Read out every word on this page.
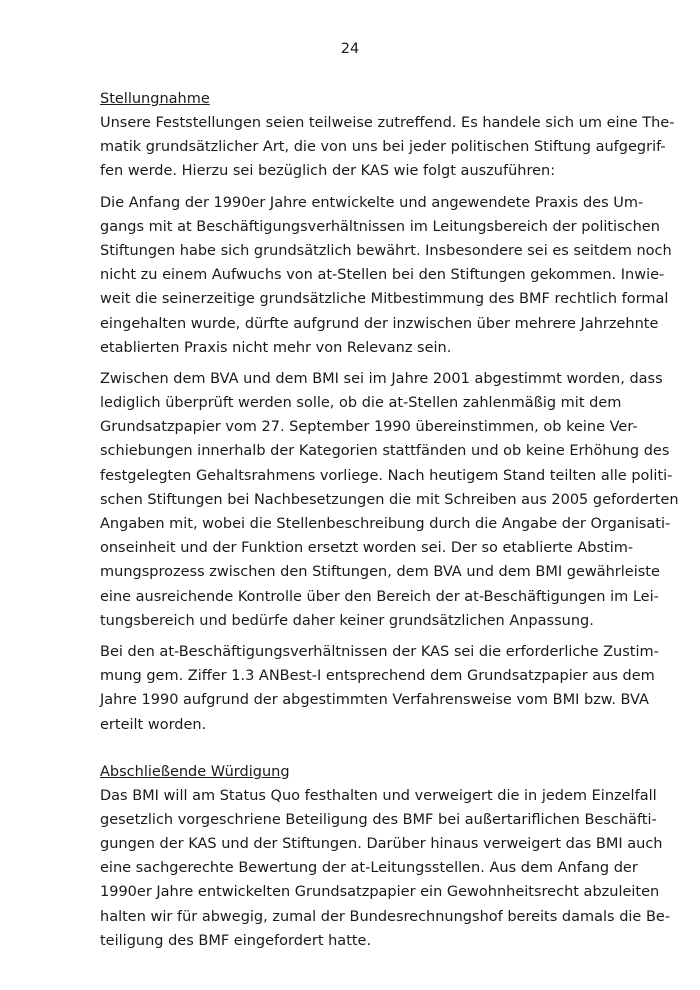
24
Stellungnahme
Unsere Feststellungen seien teilweise zutreffend. Es handele sich um eine The-
matik grundsätzlicher Art, die von uns bei jeder politischen Stiftung aufgegrif-
fen werde. Hierzu sei bezüglich der KAS wie folgt auszuführen:
Die Anfang der 1990er Jahre entwickelte und angewendete Praxis des Um-
gangs mit at Beschäftigungsverhältnissen im Leitungsbereich der politischen
Stiftungen habe sich grundsätzlich bewährt. Insbesondere sei es seitdem noch
nicht zu einem Aufwuchs von at-Stellen bei den Stiftungen gekommen. Inwie-
weit die seinerzeitige grundsätzliche Mitbestimmung des BMF rechtlich formal
eingehalten wurde, dürfte aufgrund der inzwischen über mehrere Jahrzehnte
etablierten Praxis nicht mehr von Relevanz sein.
Zwischen dem BVA und dem BMI sei im Jahre 2001 abgestimmt worden, dass
lediglich überprüft werden solle, ob die at-Stellen zahlenmäßig mit dem
Grundsatzpapier vom 27. September 1990 übereinstimmen, ob keine Ver-
schiebungen innerhalb der Kategorien stattfänden und ob keine Erhöhung des
festgelegten Gehaltsrahmens vorliege. Nach heutigem Stand teilten alle politi-
schen Stiftungen bei Nachbesetzungen die mit Schreiben aus 2005 geforderten
Angaben mit, wobei die Stellenbeschreibung durch die Angabe der Organisati-
onseinheit und der Funktion ersetzt worden sei. Der so etablierte Abstim-
mungsprozess zwischen den Stiftungen, dem BVA und dem BMI gewährleiste
eine ausreichende Kontrolle über den Bereich der at-Beschäftigungen im Lei-
tungsbereich und bedürfe daher keiner grundsätzlichen Anpassung.
Bei den at-Beschäftigungsverhältnissen der KAS sei die erforderliche Zustim-
mung gem. Ziffer 1.3 ANBest-I entsprechend dem Grundsatzpapier aus dem
Jahre 1990 aufgrund der abgestimmten Verfahrensweise vom BMI bzw. BVA
erteilt worden.
Abschließende Würdigung
Das BMI will am Status Quo festhalten und verweigert die in jedem Einzelfall
gesetzlich vorgeschriene Beteiligung des BMF bei außertariflichen Beschäfti-
gungen der KAS und der Stiftungen. Darüber hinaus verweigert das BMI auch
eine sachgerechte Bewertung der at-Leitungsstellen. Aus dem Anfang der
1990er Jahre entwickelten Grundsatzpapier ein Gewohnheitsrecht abzuleiten
halten wir für abwegig, zumal der Bundesrechnungshof bereits damals die Be-
teiligung des BMF eingefordert hatte.
